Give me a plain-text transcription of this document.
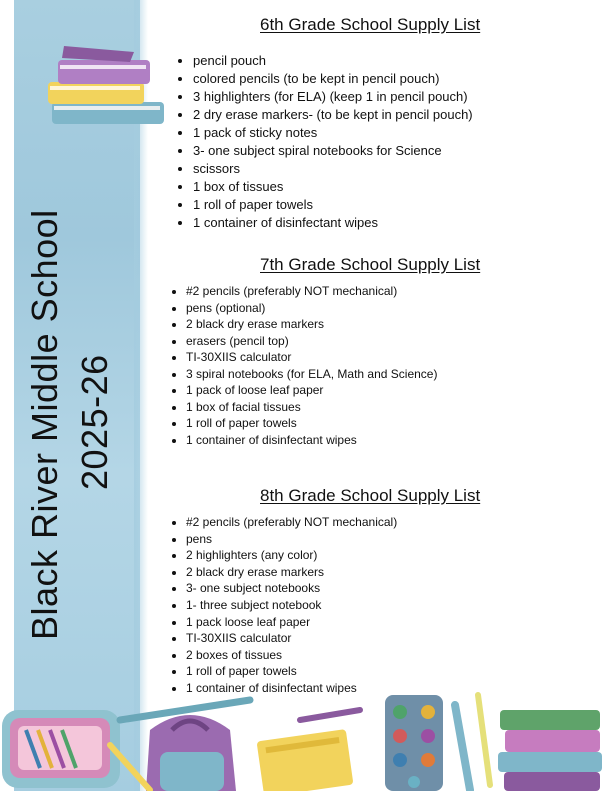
Black River Middle School 2025-26
6th Grade School Supply List
• pencil pouch
• colored pencils (to be kept in pencil pouch)
• 3 highlighters (for ELA) (keep 1 in pencil pouch)
• 2 dry erase markers- (to be kept in pencil pouch)
• 1 pack of sticky notes
• 3- one subject spiral notebooks for Science
• scissors
• 1 box of tissues
• 1 roll of paper towels
• 1 container of disinfectant wipes
7th Grade School Supply List
• #2 pencils (preferably NOT mechanical)
• pens (optional)
• 2 black dry erase markers
• erasers (pencil top)
• TI-30XIIS calculator
• 3 spiral notebooks (for ELA, Math and Science)
• 1 pack of loose leaf paper
• 1 box of facial tissues
• 1 roll of paper towels
• 1 container of disinfectant wipes
8th Grade School Supply List
• #2 pencils (preferably NOT mechanical)
• pens
• 2 highlighters (any color)
• 2 black dry erase markers
• 3- one subject notebooks
• 1- three subject notebook
• 1 pack loose leaf paper
• TI-30XIIS calculator
• 2 boxes of tissues
• 1 roll of paper towels
• 1 container of disinfectant wipes
